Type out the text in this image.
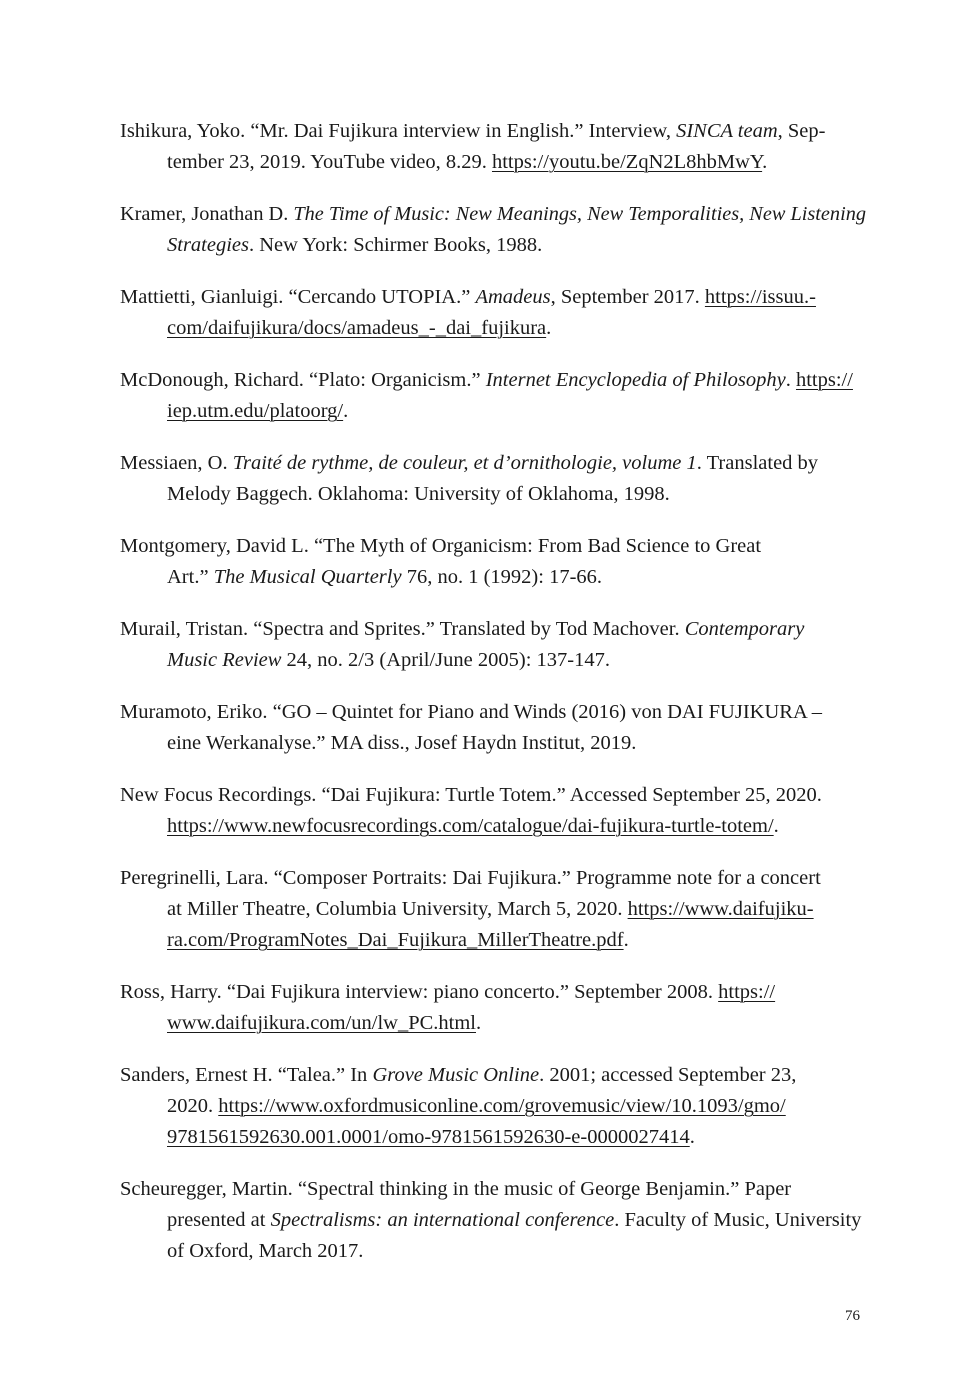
Ishikura, Yoko. “Mr. Dai Fujikura interview in English.” Interview, SINCA team, Sep-
tember 23, 2019. YouTube video, 8.29. https://youtu.be/ZqN2L8hbMwY.
Kramer, Jonathan D. The Time of Music: New Meanings, New Temporalities, New Listening
Strategies. New York: Schirmer Books, 1988.
Mattietti, Gianluigi. “Cercando UTOPIA.” Amadeus, September 2017. https://issuu.-
com/daifujikura/docs/amadeus_-_dai_fujikura.
McDonough, Richard. “Plato: Organicism.” Internet Encyclopedia of Philosophy. https://
iep.utm.edu/platoorg/.
Messiaen, O. Traité de rythme, de couleur, et d’ornithologie, volume 1. Translated by
Melody Baggech. Oklahoma: University of Oklahoma, 1998.
Montgomery, David L. “The Myth of Organicism: From Bad Science to Great
Art.” The Musical Quarterly 76, no. 1 (1992): 17-66.
Murail, Tristan. “Spectra and Sprites.” Translated by Tod Machover. Contemporary
Music Review 24, no. 2/3 (April/June 2005): 137-147.
Muramoto, Eriko. “GO – Quintet for Piano and Winds (2016) von DAI FUJIKURA –
eine Werkanalyse.” MA diss., Josef Haydn Institut, 2019.
New Focus Recordings. “Dai Fujikura: Turtle Totem.” Accessed September 25, 2020.
https://www.newfocusrecordings.com/catalogue/dai-fujikura-turtle-totem/.
Peregrinelli, Lara. “Composer Portraits: Dai Fujikura.” Programme note for a concert
at Miller Theatre, Columbia University, March 5, 2020. https://www.daifujiku-
ra.com/ProgramNotes_Dai_Fujikura_MillerTheatre.pdf.
Ross, Harry. “Dai Fujikura interview: piano concerto.” September 2008. https://
www.daifujikura.com/un/lw_PC.html.
Sanders, Ernest H. “Talea.” In Grove Music Online. 2001; accessed September 23,
2020. https://www.oxfordmusiconline.com/grovemusic/view/10.1093/gmo/
9781561592630.001.0001/omo-9781561592630-e-0000027414.
Scheuregger, Martin. “Spectral thinking in the music of George Benjamin.” Paper
presented at Spectralisms: an international conference. Faculty of Music, University
of Oxford, March 2017.
76
